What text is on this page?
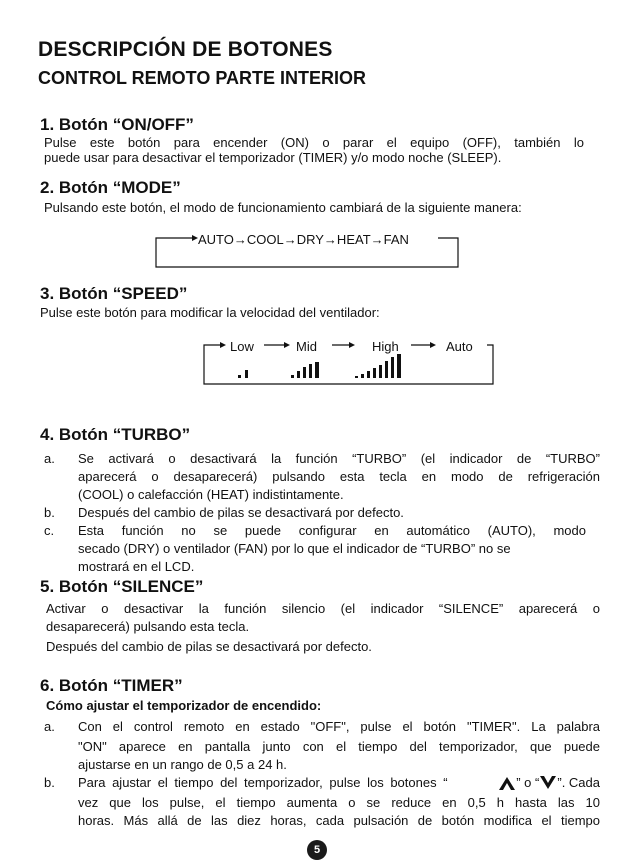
DESCRIPCIÓN DE BOTONES
CONTROL REMOTO PARTE INTERIOR
1. Botón “ON/OFF”
Pulse este botón para encender (ON) o parar el equipo (OFF), también lo
puede usar para desactivar el temporizador (TIMER) y/o modo noche (SLEEP).
2. Botón “MODE”
Pulsando este botón, el modo de funcionamiento cambiará de la siguiente manera:
AUTO→COOL→DRY→HEAT→FAN
3. Botón “SPEED”
Pulse este botón para modificar la velocidad del ventilador:
Low	Mid	High	Auto
4. Botón “TURBO”
a. Se activará o desactivará la función “TURBO” (el indicador de “TURBO”
aparecerá o desaparecerá) pulsando esta tecla en modo de refrigeración
(COOL) o calefacción (HEAT) indistintamente.
b. Después del cambio de pilas se desactivará por defecto.
c. Esta función no se puede configurar en automático (AUTO), modo
secado (DRY) o ventilador (FAN) por lo que el indicador de “TURBO” no se
mostrará en el LCD.
5. Botón “SILENCE”
Activar o desactivar la función silencio (el indicador “SILENCE” aparecerá o
desaparecerá) pulsando esta tecla.
Después del cambio de pilas se desactivará por defecto.
6. Botón “TIMER”
Cómo ajustar el temporizador de encendido:
a. Con el control remoto en estado "OFF", pulse el botón "TIMER". La palabra
"ON" aparece en pantalla junto con el tiempo del temporizador, que puede
ajustarse en un rango de 0,5 a 24 h.
b. Para ajustar el tiempo del temporizador, pulse los botones “	” o “ ”. Cada
vez que los pulse, el tiempo aumenta o se reduce en 0,5 h hasta las 10
horas. Más allá de las diez horas, cada pulsación de botón modifica el tiempo
5
